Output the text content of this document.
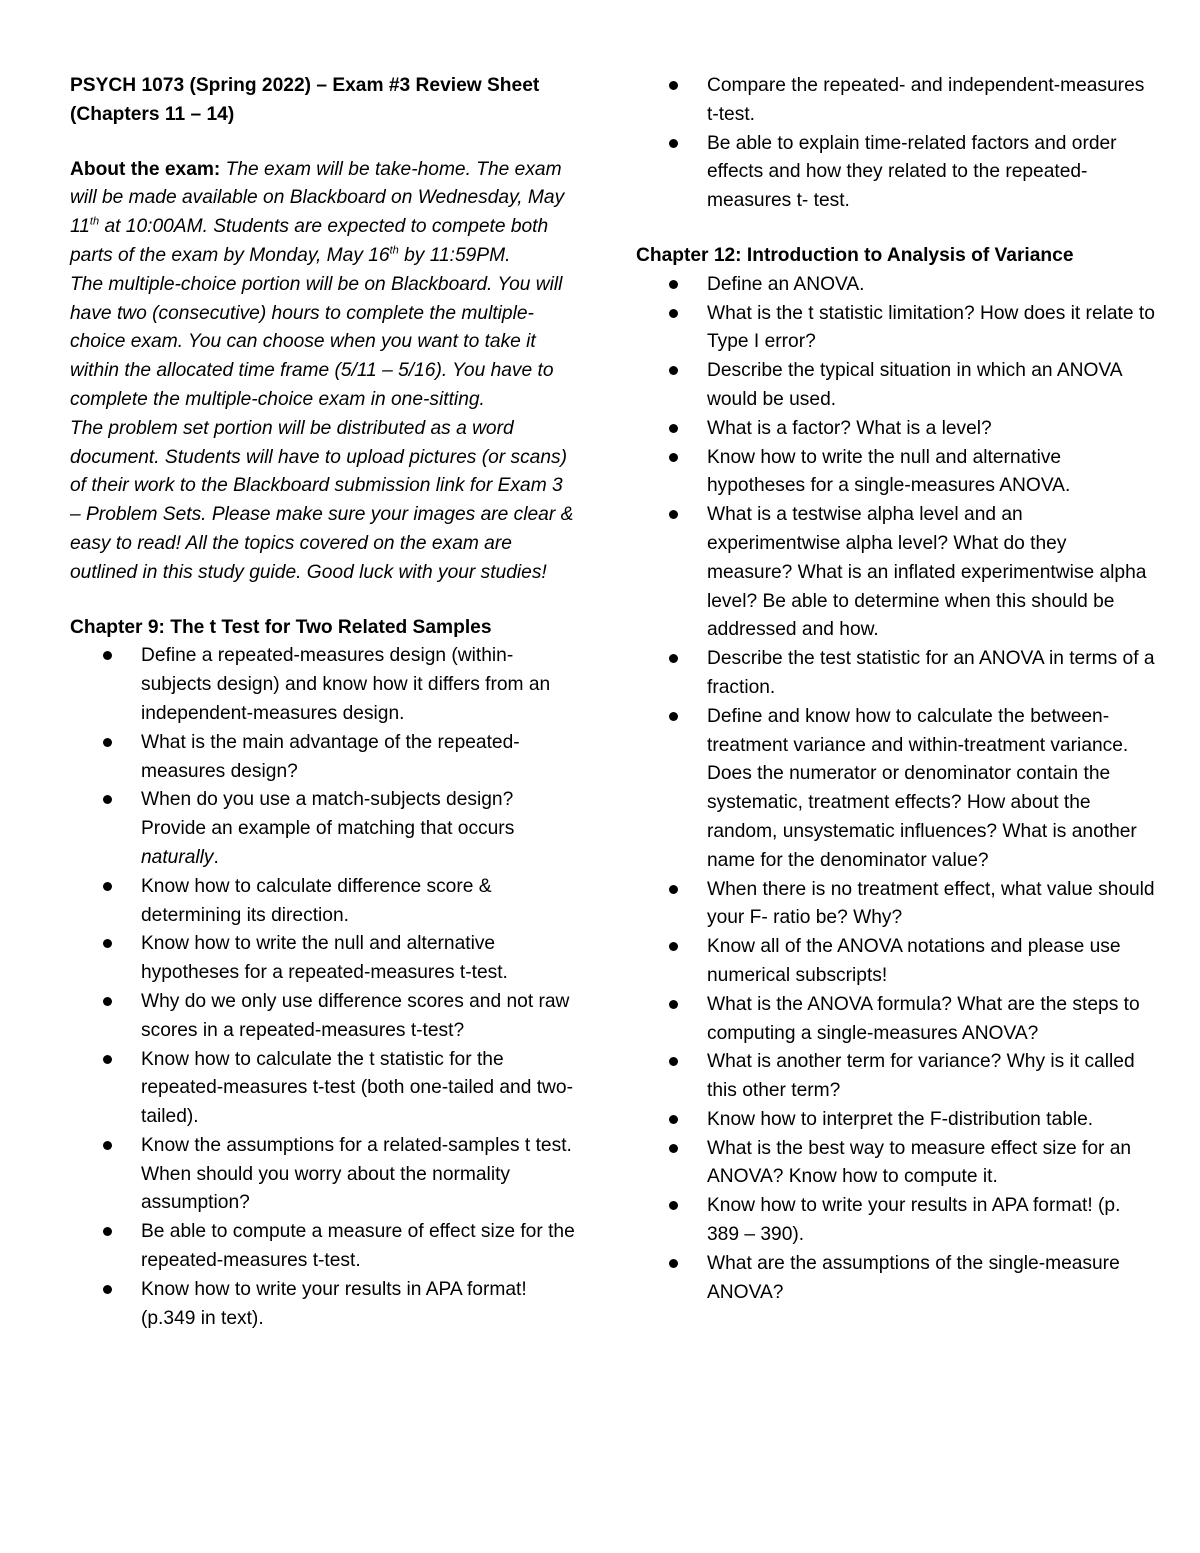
PSYCH 1073 (Spring 2022) – Exam #3 Review Sheet
(Chapters 11 – 14)

About the exam: The exam will be take-home. The exam will be made available on Blackboard on Wednesday, May 11th at 10:00AM. Students are expected to compete both parts of the exam by Monday, May 16th by 11:59PM.

The multiple-choice portion will be on Blackboard. You will have two (consecutive) hours to complete the multiple-choice exam. You can choose when you want to take it within the allocated time frame (5/11 – 5/16). You have to complete the multiple-choice exam in one-sitting.

The problem set portion will be distributed as a word document. Students will have to upload pictures (or scans) of their work to the Blackboard submission link for Exam 3 – Problem Sets. Please make sure your images are clear & easy to read! All the topics covered on the exam are outlined in this study guide. Good luck with your studies!

Chapter 9: The t Test for Two Related Samples

Define a repeated-measures design (within-subjects design) and know how it differs from an independent-measures design.
What is the main advantage of the repeated-measures design?
When do you use a match-subjects design? Provide an example of matching that occurs naturally.
Know how to calculate difference score & determining its direction.
Know how to write the null and alternative hypotheses for a repeated-measures t-test.
Why do we only use difference scores and not raw scores in a repeated-measures t-test?
Know how to calculate the t statistic for the repeated-measures t-test (both one-tailed and two-tailed).
Know the assumptions for a related-samples t test. When should you worry about the normality assumption?
Be able to compute a measure of effect size for the repeated-measures t-test.
Know how to write your results in APA format! (p.349 in text).
Compare the repeated- and independent-measures t-test.
Be able to explain time-related factors and order effects and how they related to the repeated-measures t- test.

Chapter 12: Introduction to Analysis of Variance

Define an ANOVA.
What is the t statistic limitation? How does it relate to Type I error?
Describe the typical situation in which an ANOVA would be used.
What is a factor? What is a level?
Know how to write the null and alternative hypotheses for a single-measures ANOVA.
What is a testwise alpha level and an experimentwise alpha level? What do they measure? What is an inflated experimentwise alpha level? Be able to determine when this should be addressed and how.
Describe the test statistic for an ANOVA in terms of a fraction.
Define and know how to calculate the between-treatment variance and within-treatment variance. Does the numerator or denominator contain the systematic, treatment effects? How about the random, unsystematic influences? What is another name for the denominator value?
When there is no treatment effect, what value should your F- ratio be? Why?
Know all of the ANOVA notations and please use numerical subscripts!
What is the ANOVA formula? What are the steps to computing a single-measures ANOVA?
What is another term for variance? Why is it called this other term?
Know how to interpret the F-distribution table.
What is the best way to measure effect size for an ANOVA? Know how to compute it.
Know how to write your results in APA format! (p. 389 – 390).
What are the assumptions of the single-measure ANOVA?
